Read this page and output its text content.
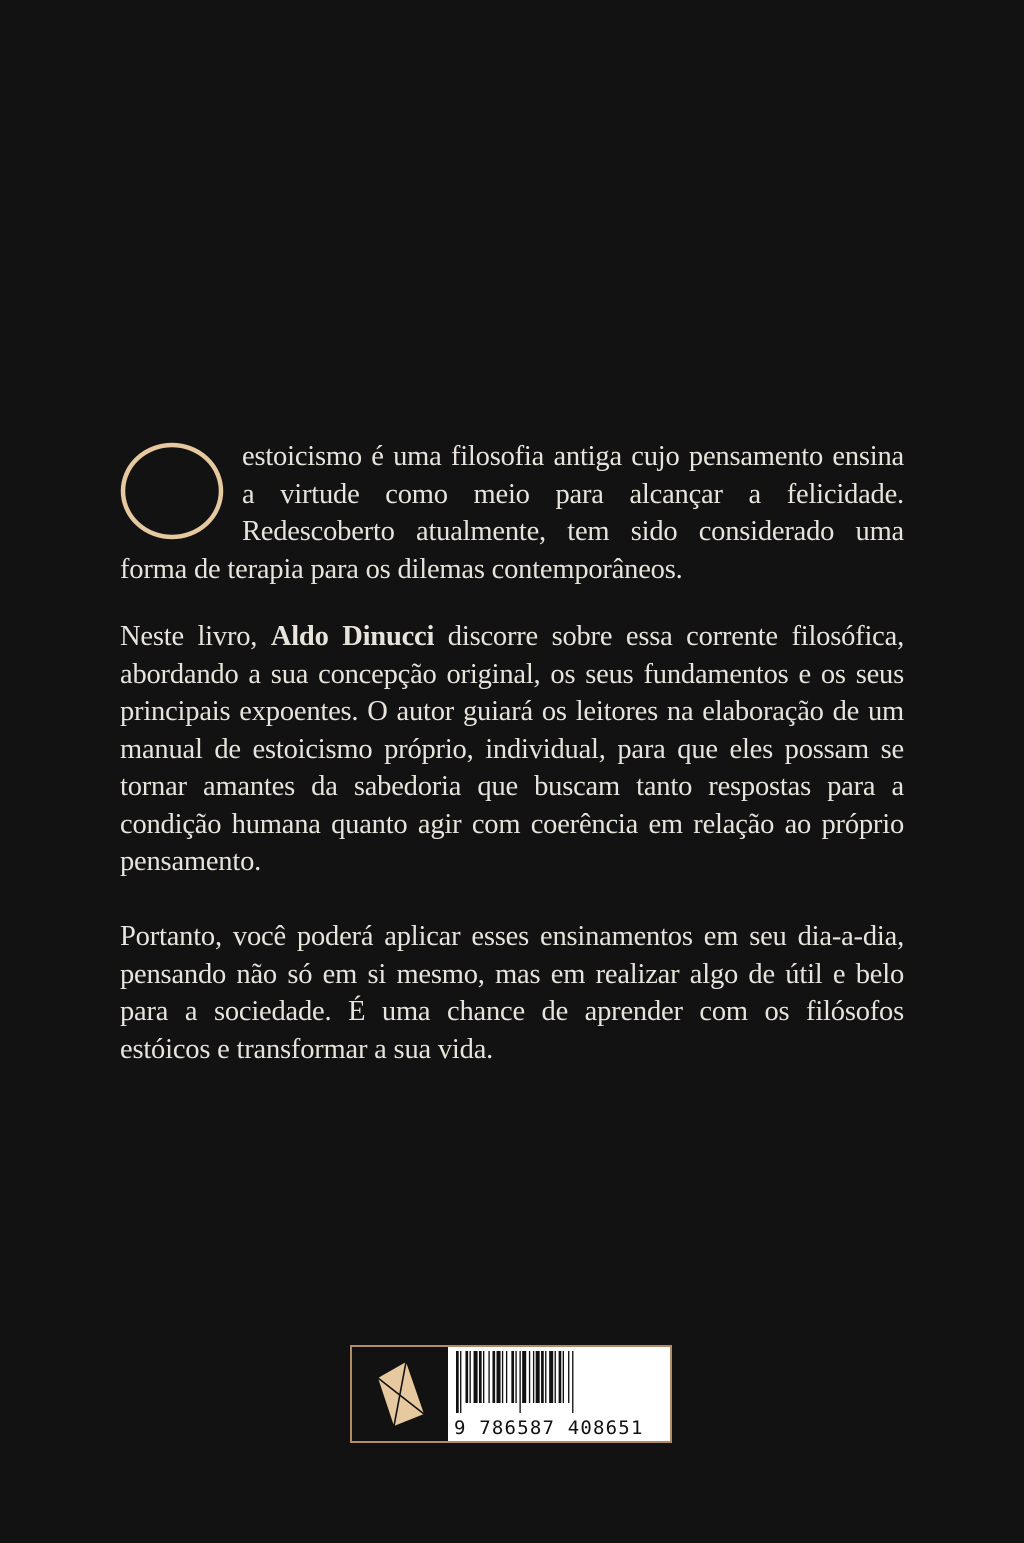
estoicismo é uma filosofia antiga cujo pensamento ensina a virtude como meio para alcançar a felicidade. Redescoberto atualmente, tem sido considerado uma forma de terapia para os dilemas contemporâneos.
Neste livro, Aldo Dinucci discorre sobre essa corrente filosófica, abordando a sua concepção original, os seus fundamentos e os seus principais expoentes. O autor guiará os leitores na elaboração de um manual de estoicismo próprio, individual, para que eles possam se tornar amantes da sabedoria que buscam tanto respostas para a condição humana quanto agir com coerência em relação ao próprio pensamento.
Portanto, você poderá aplicar esses ensinamentos em seu dia-a-dia, pensando não só em si mesmo, mas em realizar algo de útil e belo para a sociedade. É uma chance de aprender com os filósofos estóicos e transformar a sua vida.
9 786587 408651
